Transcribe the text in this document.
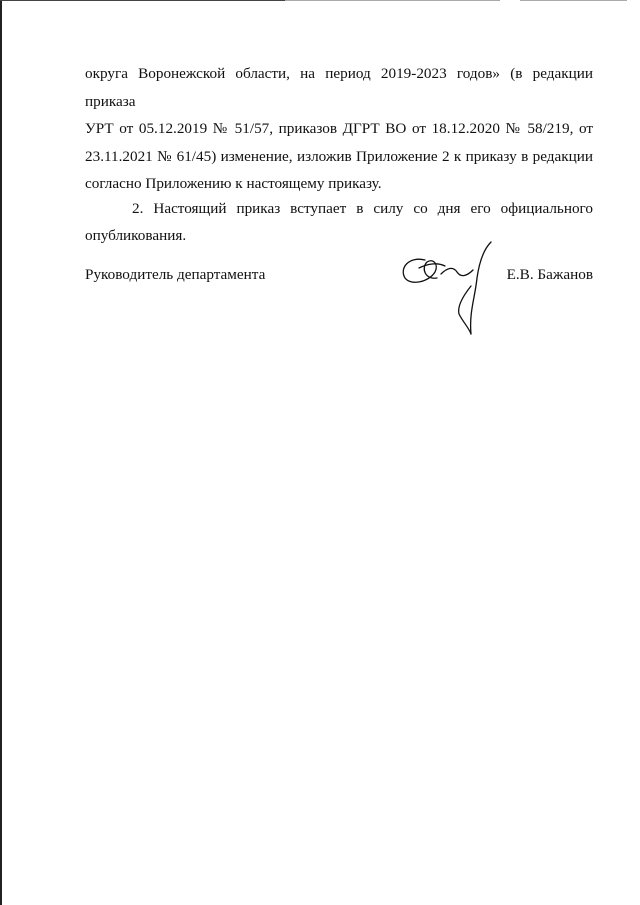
округа Воронежской области, на период 2019-2023 годов» (в редакции приказа
УРТ от 05.12.2019 № 51/57, приказов ДГРТ ВО от 18.12.2020 № 58/219, от
23.11.2021 № 61/45) изменение, изложив Приложение 2 к приказу в редакции
согласно Приложению к настоящему приказу.

2. Настоящий приказ вступает в силу со дня его официального
опубликования.

Руководитель департамента	Е.В. Бажанов
